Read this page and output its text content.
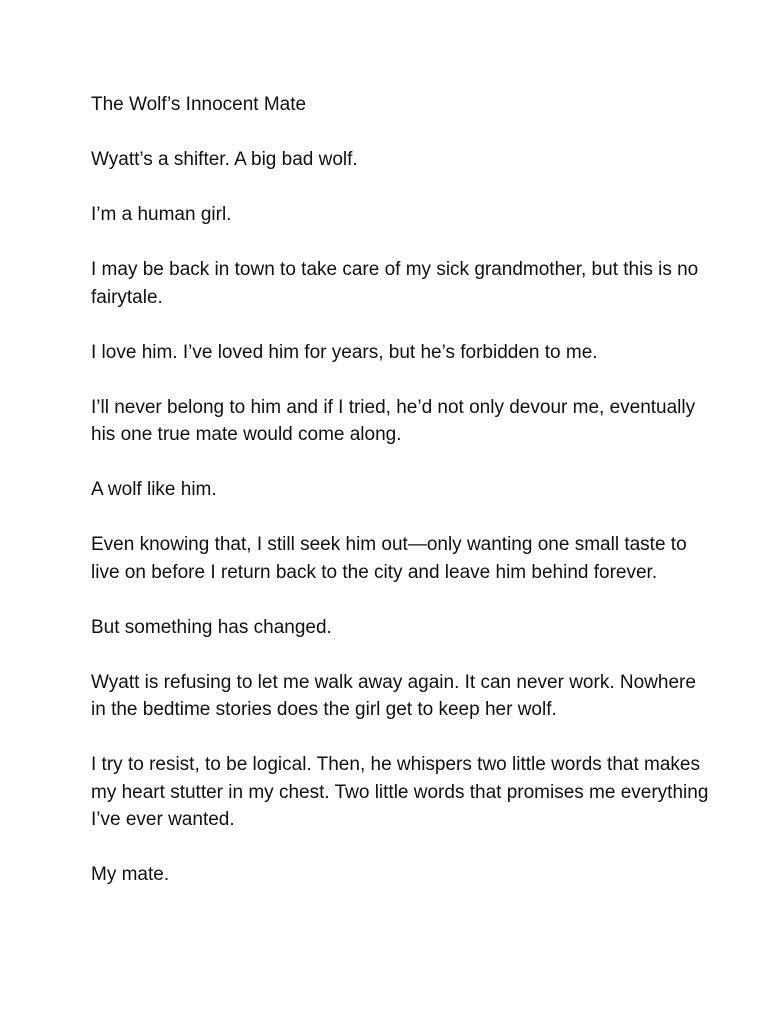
The Wolf’s Innocent Mate

Wyatt’s a shifter. A big bad wolf.

I’m a human girl.

I may be back in town to take care of my sick grandmother, but this is no fairytale.

I love him. I’ve loved him for years, but he’s forbidden to me.

I’ll never belong to him and if I tried, he’d not only devour me, eventually his one true mate would come along.

A wolf like him.

Even knowing that, I still seek him out—only wanting one small taste to live on before I return back to the city and leave him behind forever.

But something has changed.

Wyatt is refusing to let me walk away again. It can never work. Nowhere in the bedtime stories does the girl get to keep her wolf.

I try to resist, to be logical. Then, he whispers two little words that makes my heart stutter in my chest. Two little words that promises me everything I’ve ever wanted.

My mate.
